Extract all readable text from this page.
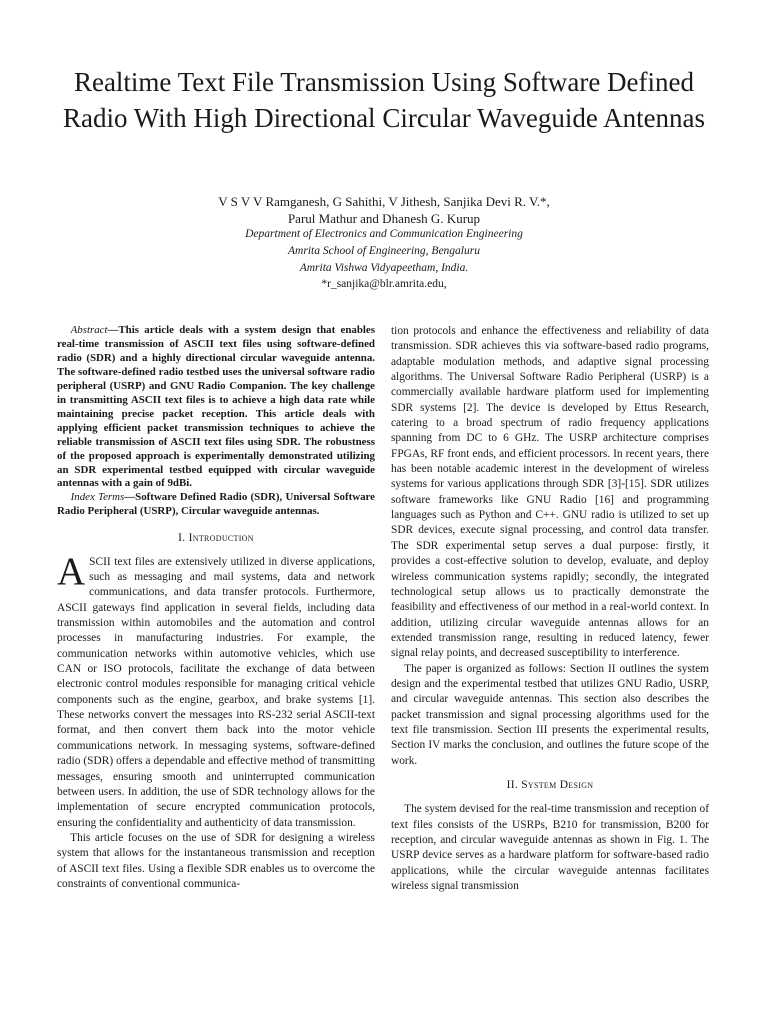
Realtime Text File Transmission Using Software Defined Radio With High Directional Circular Waveguide Antennas
V S V V Ramganesh, G Sahithi, V Jithesh, Sanjika Devi R. V.*,
Parul Mathur and Dhanesh G. Kurup
Department of Electronics and Communication Engineering
Amrita School of Engineering, Bengaluru
Amrita Vishwa Vidyapeetham, India.
*r_sanjika@blr.amrita.edu,

Abstract—This article deals with a system design that enables real-time transmission of ASCII text files using software-defined radio (SDR) and a highly directional circular waveguide antenna. The software-defined radio testbed uses the universal software radio peripheral (USRP) and GNU Radio Companion. The key challenge in transmitting ASCII text files is to achieve a high data rate while maintaining precise packet reception. This article deals with applying efficient packet transmission techniques to achieve the reliable transmission of ASCII text files using SDR. The robustness of the proposed approach is experimentally demonstrated utilizing an SDR experimental testbed equipped with circular waveguide antennas with a gain of 9dBi.

Index Terms—Software Defined Radio (SDR), Universal Software Radio Peripheral (USRP), Circular waveguide antennas.

I. Introduction

ASCII text files are extensively utilized in diverse applications, such as messaging and mail systems, data and network communications, and data transfer protocols. Furthermore, ASCII gateways find application in several fields, including data transmission within automobiles and the automation and control processes in manufacturing industries. For example, the communication networks within automotive vehicles, which use CAN or ISO protocols, facilitate the exchange of data between electronic control modules responsible for managing critical vehicle components such as the engine, gearbox, and brake systems [1]. These networks convert the messages into RS-232 serial ASCII-text format, and then convert them back into the motor vehicle communications network. In messaging systems, software-defined radio (SDR) offers a dependable and effective method of transmitting messages, ensuring smooth and uninterrupted communication between users. In addition, the use of SDR technology allows for the implementation of secure encrypted communication protocols, ensuring the confidentiality and authenticity of data transmission.

This article focuses on the use of SDR for designing a wireless system that allows for the instantaneous transmission and reception of ASCII text files. Using a flexible SDR enables us to overcome the constraints of conventional communica-

tion protocols and enhance the effectiveness and reliability of data transmission. SDR achieves this via software-based radio programs, adaptable modulation methods, and adaptive signal processing algorithms. The Universal Software Radio Peripheral (USRP) is a commercially available hardware platform used for implementing SDR systems [2]. The device is developed by Ettus Research, catering to a broad spectrum of radio frequency applications spanning from DC to 6 GHz. The USRP architecture comprises FPGAs, RF front ends, and efficient processors. In recent years, there has been notable academic interest in the development of wireless systems for various applications through SDR [3]-[15]. SDR utilizes software frameworks like GNU Radio [16] and programming languages such as Python and C++. GNU radio is utilized to set up SDR devices, execute signal processing, and control data transfer. The SDR experimental setup serves a dual purpose: firstly, it provides a cost-effective solution to develop, evaluate, and deploy wireless communication systems rapidly; secondly, the integrated technological setup allows us to practically demonstrate the feasibility and effectiveness of our method in a real-world context. In addition, utilizing circular waveguide antennas allows for an extended transmission range, resulting in reduced latency, fewer signal relay points, and decreased susceptibility to interference.

The paper is organized as follows: Section II outlines the system design and the experimental testbed that utilizes GNU Radio, USRP, and circular waveguide antennas. This section also describes the packet transmission and signal processing algorithms used for the text file transmission. Section III presents the experimental results, Section IV marks the conclusion, and outlines the future scope of the work.

II. System Design

The system devised for the real-time transmission and reception of text files consists of the USRPs, B210 for transmission, B200 for reception, and circular waveguide antennas as shown in Fig. 1. The USRP device serves as a hardware platform for software-based radio applications, while the circular waveguide antennas facilitates wireless signal transmission
